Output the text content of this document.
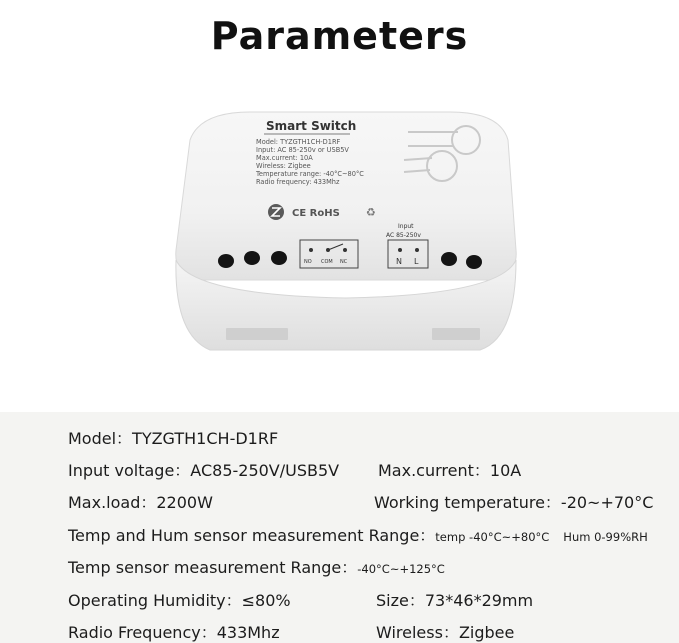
Parameters
Smart Switch
Model: TYZGTH1CH-D1RF
Input: AC 85-250v or USB5V
Max.current: 10A
Wireless: Zigbee
Temperature range: -40°C~80°C
Radio frequency: 433Mhz
CE RoHS ♻
NO COM NC
Input
AC 85-250v
N L
Model：TYZGTH1CH-D1RF
Input voltage：AC85-250V/USB5V Max.current：10A
Max.load：2200W	Working temperature：-20~+70°C
Temp and Hum sensor measurement Range：temp -40°C~+80°C Hum 0-99%RH
Temp sensor measurement Range：-40°C~+125°C
Operating Humidity：≤80%	Size：73*46*29mm
Radio Frequency：433Mhz	Wireless：Zigbee
